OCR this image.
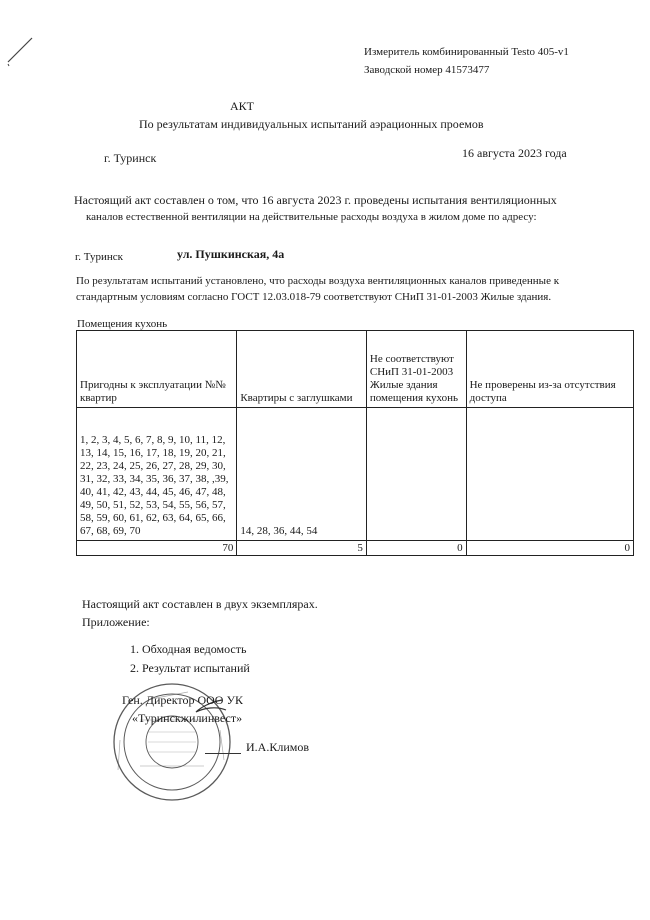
Измеритель комбинированный Testo 405-v1
Заводской номер 41573477
АКТ
По результатам индивидуальных испытаний аэрационных проемов
г. Туринск	16 августа 2023 года
Настоящий акт составлен о том, что 16 августа 2023 г. проведены испытания вентиляционных
каналов естественной вентиляции на действительные расходы воздуха в жилом доме по адресу:
г. Туринск	ул. Пушкинская, 4а
По результатам испытаний установлено, что расходы воздуха вентиляционных каналов приведенные к
стандартным условиям согласно ГОСТ 12.03.018-79 соответствуют СНиП 31-01-2003 Жилые здания.
Помещения кухонь
Пригодны к эксплуатации №№ квартир	Квартиры с заглушками	Не соответствуют СНиП 31-01-2003 Жилые здания помещения кухонь	Не проверены из-за отсутствия доступа
1, 2, 3, 4, 5, 6, 7, 8, 9, 10, 11, 12, 13, 14, 15, 16, 17, 18, 19, 20, 21, 22, 23, 24, 25, 26, 27, 28, 29, 30, 31, 32, 33, 34, 35, 36, 37, 38, ,39, 40, 41, 42, 43, 44, 45, 46, 47, 48, 49, 50, 51, 52, 53, 54, 55, 56, 57, 58, 59, 60, 61, 62, 63, 64, 65, 66, 67, 68, 69, 70	14, 28, 36, 44, 54		
70	5	0	0
Настоящий акт составлен в двух экземплярах.
Приложение:
1. Обходная ведомость
2. Результат испытаний
Ген. Директор ООО УК
«Туринскжилинвест»
И.А.Климов
